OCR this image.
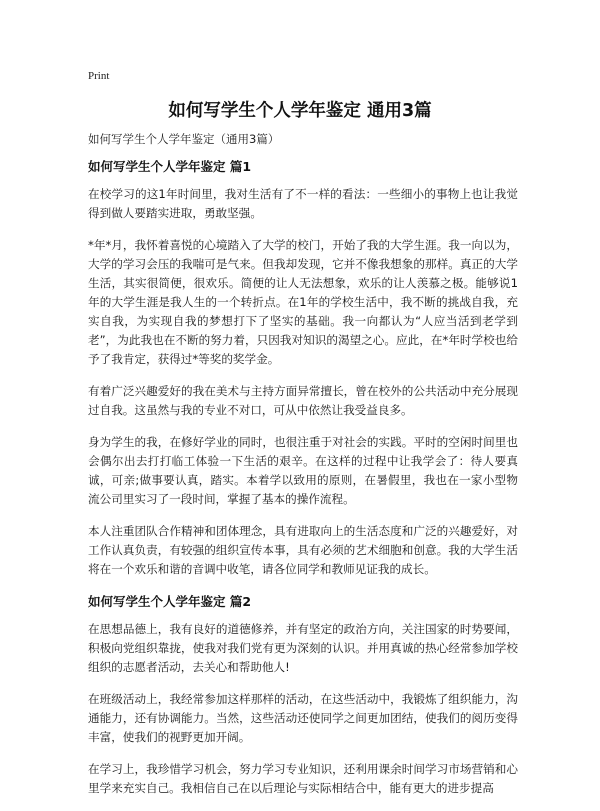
Print
如何写学生个人学年鉴定 通用3篇
如何写学生个人学年鉴定（通用3篇）
如何写学生个人学年鉴定 篇1

在校学习的这1年时间里，我对生活有了不一样的看法：一些细小的事物上也让我觉得到做人要踏实进取，勇敢坚强。

*年*月，我怀着喜悦的心境踏入了大学的校门，开始了我的大学生涯。我一向以为，大学的学习会压的我喘可是气来。但我却发现，它并不像我想象的那样。真正的大学生活，其实很简便，很欢乐。简便的让人无法想象，欢乐的让人羡慕之极。能够说1年的大学生涯是我人生的一个转折点。在1年的学校生活中，我不断的挑战自我，充实自我，为实现自我的梦想打下了坚实的基础。我一向都认为“人应当活到老学到老”，为此我也在不断的努力着，只因我对知识的渴望之心。应此，在*年时学校也给予了我肯定，获得过*等奖的奖学金。

有着广泛兴趣爱好的我在美术与主持方面异常擅长，曾在校外的公共活动中充分展现过自我。这虽然与我的专业不对口，可从中依然让我受益良多。

身为学生的我，在修好学业的同时，也很注重于对社会的实践。平时的空闲时间里也会偶尔出去打打临工体验一下生活的艰辛。在这样的过程中让我学会了：待人要真诚，可亲;做事要认真，踏实。本着学以致用的原则，在暑假里，我也在一家小型物流公司里实习了一段时间，掌握了基本的操作流程。

本人注重团队合作精神和团体理念，具有进取向上的生活态度和广泛的兴趣爱好，对工作认真负责，有较强的组织宣传本事，具有必须的艺术细胞和创意。我的大学生活将在一个欢乐和谐的音调中收笔，请各位同学和教师见证我的成长。

如何写学生个人学年鉴定 篇2

在思想品德上，我有良好的道德修养，并有坚定的政治方向，关注国家的时势要闻，积极向党组织靠拢，使我对我们党有更为深刻的认识。并用真诚的热心经常参加学校组织的志愿者活动，去关心和帮助他人!

在班级活动上，我经常参加这样那样的活动，在这些活动中，我锻炼了组织能力，沟通能力，还有协调能力。当然，这些活动还使同学之间更加团结，使我们的阅历变得丰富，使我们的视野更加开阔。

在学习上，我珍惜学习机会，努力学习专业知识，还利用课余时间学习市场营销和心里学来充实自己。我相信自己在以后理论与实际相结合中，能有更大的进步提高
